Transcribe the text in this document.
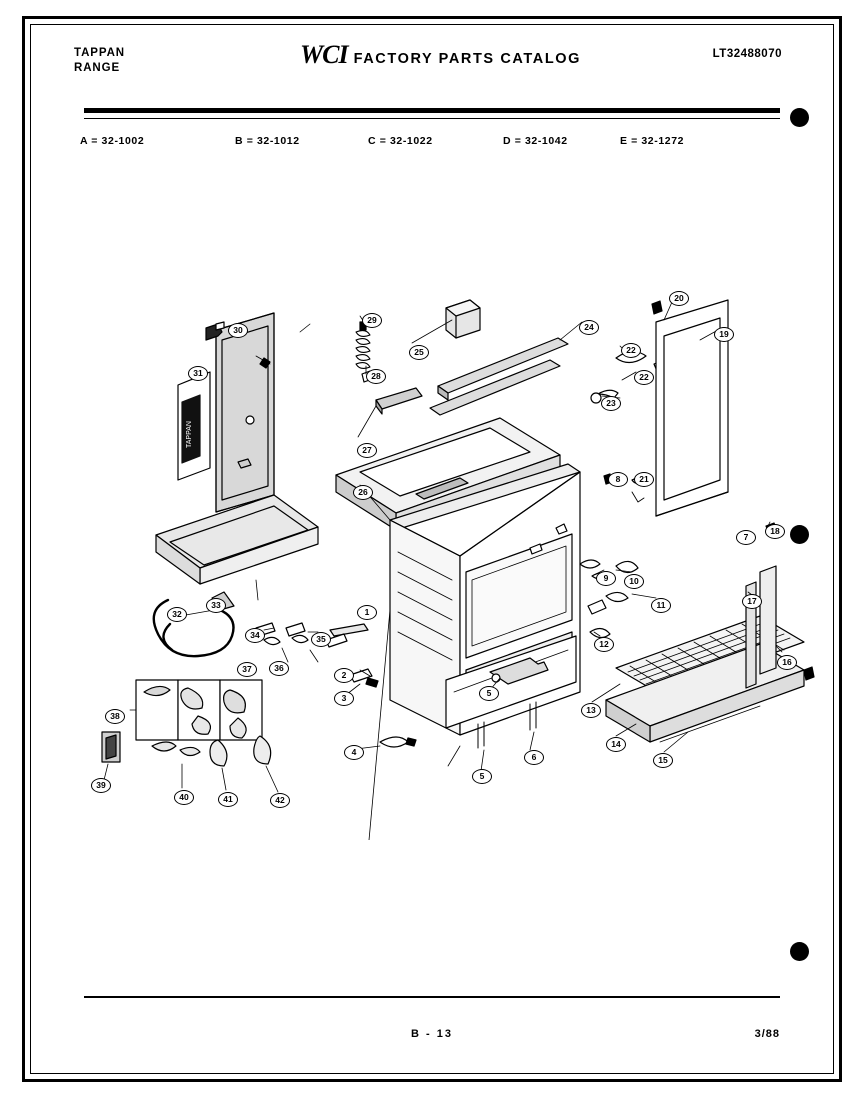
TAPPAN
RANGE	WCI FACTORY PARTS CATALOG	LT32488070
A = 32-1002	B = 32-1012	C = 32-1022	D = 32-1042	E = 32-1272
TAPPAN
1
2
3
4
5
5
6
7
8
9	10
11
12
13
14
15
16
17
18
19
20
21
22
22
23
24
25
26
27
28
29
30
31
32
33
34	35
36
37
38
39
40	41	42
B - 13	3/88
